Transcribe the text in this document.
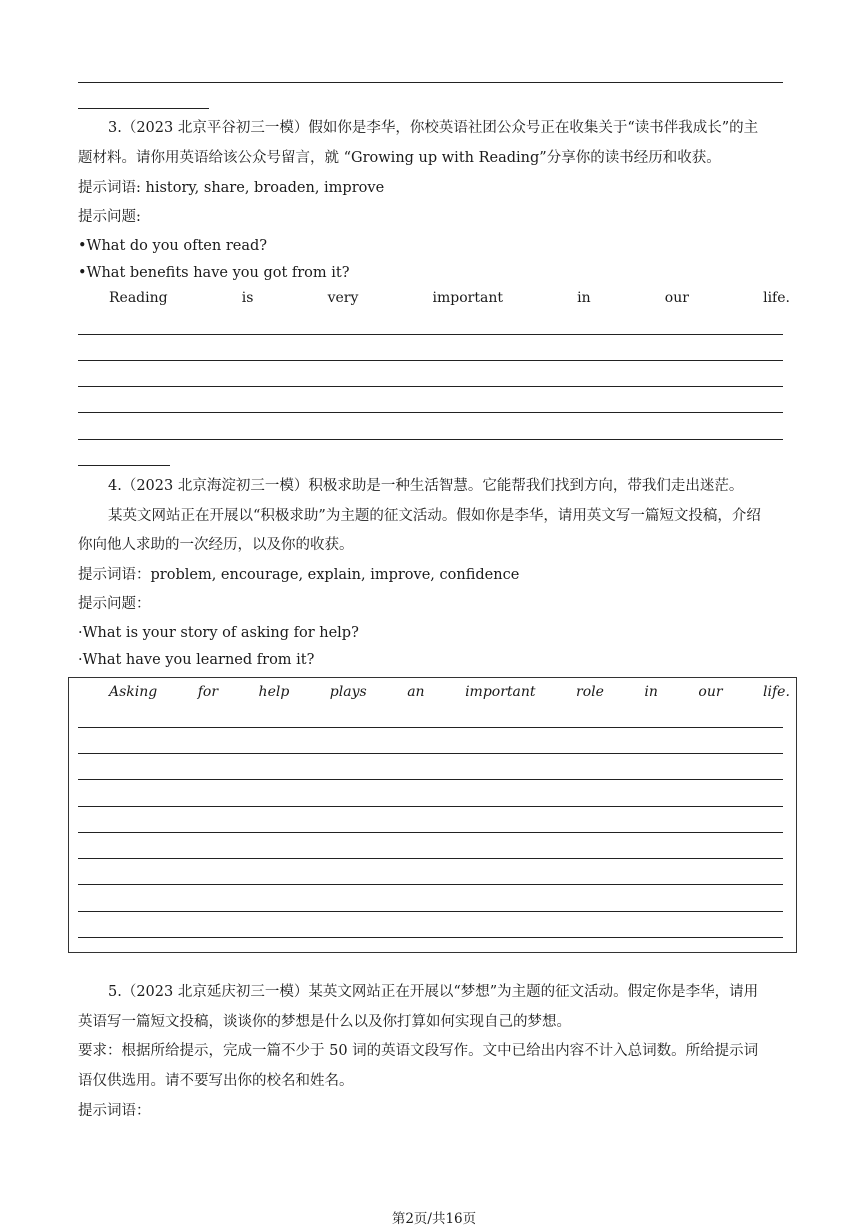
3.（2023 北京平谷初三一模）假如你是李华，你校英语社团公众号正在收集关于“读书伴我成长”的主
题材料。请你用英语给该公众号留言，就 “Growing up with Reading”分享你的读书经历和收获。
提示词语: history, share, broaden, improve
提示问题:
•What do you often read?
•What benefits have you got from it?
Reading	is	very	important	in	our	life.
4.（2023 北京海淀初三一模）积极求助是一种生活智慧。它能帮我们找到方向，带我们走出迷茫。
某英文网站正在开展以“积极求助”为主题的征文活动。假如你是李华，请用英文写一篇短文投稿，介绍
你向他人求助的一次经历，以及你的收获。
提示词语：problem, encourage, explain, improve, confidence
提示问题：
·What is your story of asking for help?
·What have you learned from it?
Asking	for	help	plays	an	important	role	in	our	life.
5.（2023 北京延庆初三一模）某英文网站正在开展以“梦想”为主题的征文活动。假定你是李华，请用
英语写一篇短文投稿，谈谈你的梦想是什么以及你打算如何实现自己的梦想。
要求：根据所给提示，完成一篇不少于 50 词的英语文段写作。文中已给出内容不计入总词数。所给提示词
语仅供选用。请不要写出你的校名和姓名。
提示词语：
第2页/共16页
